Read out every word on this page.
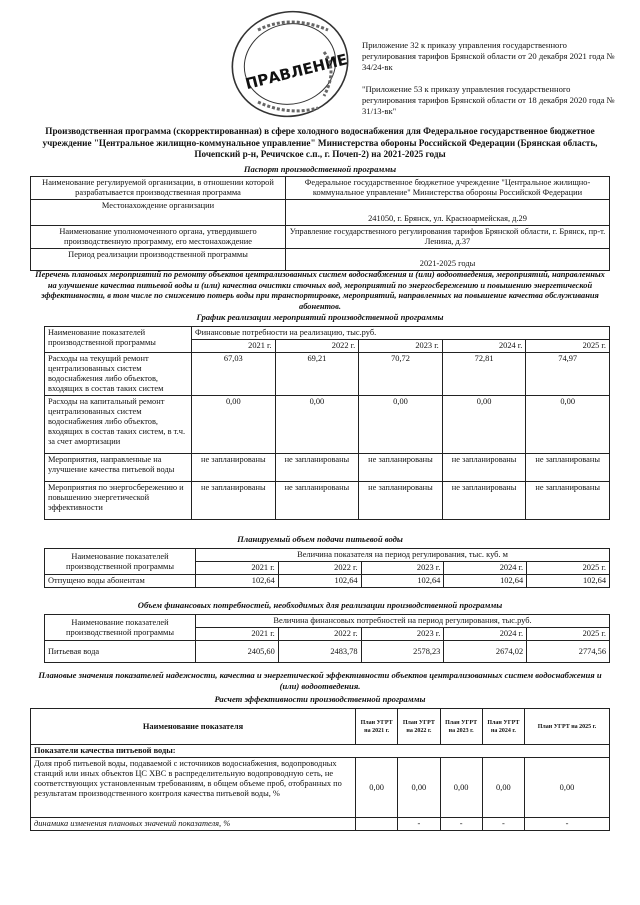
ПРАВЛЕНИЕ
Приложение 32 к приказу управления государственного регулирования тарифов Брянской области от 20 декабря 2021 года № 34/24-вк
"Приложение 53 к приказу управления государственного регулирования тарифов Брянской области от 18 декабря 2020 года № 31/13-вк"
Производственная программа (скорректированная) в сфере холодного водоснабжения для Федеральное государственное бюджетное учреждение "Центральное жилищно-коммунальное управление" Министерства обороны Российской Федерации (Брянская область, Почепский р-н, Речичское с.п., г. Почеп-2) на 2021-2025 годы
Паспорт производственной программы
Наименование регулируемой организации, в отношении которой разрабатывается производственная программа	Федеральное государственное бюджетное учреждение "Центральное жилищно-коммунальное управление" Министерства обороны Российской Федерации
Местонахождение организации	241050, г. Брянск, ул. Красноармейская, д.29
Наименование уполномоченного органа, утвердившего производственную программу, его местонахождение	Управление государственного регулирования тарифов Брянской области, г. Брянск, пр-т. Ленина, д.37
Период реализации производственной программы	2021-2025 годы
Перечень плановых мероприятий по ремонту объектов централизованных систем водоснабжения и (или) водоотведения, мероприятий, направленных на улучшение качества питьевой воды и (или) качества очистки сточных вод, мероприятий по энергосбережению и повышению энергетической эффективности, в том числе по снижению потерь воды при транспортировке, мероприятий, направленных на повышение качества обслуживания абонентов.
График реализации мероприятий производственной программы
Наименование показателей производственной программы	Финансовые потребности на реализацию, тыс.руб.				
	2021 г.	2022 г.	2023 г.	2024 г.	2025 г.
Расходы на текущий ремонт централизованных систем водоснабжения либо объектов, входящих в состав таких систем	67,03	69,21	70,72	72,81	74,97
Расходы на капитальный ремонт централизованных систем водоснабжения либо объектов, входящих в состав таких систем, в т.ч. за счет амортизации	0,00	0,00	0,00	0,00	0,00
Мероприятия, направленные на улучшение качества питьевой воды	не запланированы	не запланированы	не запланированы	не запланированы	не запланированы
Мероприятия по энергосбережению и повышению энергетической эффективности	не запланированы	не запланированы	не запланированы	не запланированы	не запланированы
Планируемый объем подачи питьевой воды
Наименование показателей производственной программы	Величина показателя на период регулирования, тыс. куб. м				
	2021 г.	2022 г.	2023 г.	2024 г.	2025 г.
Отпущено воды абонентам	102,64	102,64	102,64	102,64	102,64
Объем финансовых потребностей, необходимых для реализации производственной программы
Наименование показателей производственной программы	Величина финансовых потребностей на период регулирования, тыс.руб.				
	2021 г.	2022 г.	2023 г.	2024 г.	2025 г.
Питьевая вода	2405,60	2483,78	2578,23	2674,02	2774,56
Плановые значения показателей надежности, качества и энергетической эффективности объектов централизованных систем водоснабжения и (или) водоотведения.
Расчет эффективности производственной программы
Наименование показателя	План УГРТ на 2021 г.	План УГРТ на 2022 г.	План УГРТ на 2023 г.	План УГРТ на 2024 г.	План УГРТ на 2025 г.
Показатели качества питьевой воды:					
Доля проб питьевой воды, подаваемой с источников водоснабжения, водопроводных станций или иных объектов ЦС ХВС в распределительную водопроводную сеть, не соответствующих установленным требованиям, в общем объеме проб, отобранных по результатам производственного контроля качества питьевой воды, %	0,00	0,00	0,00	0,00	0,00
динамика изменения плановых значений показателя, %		-	-	-	-
